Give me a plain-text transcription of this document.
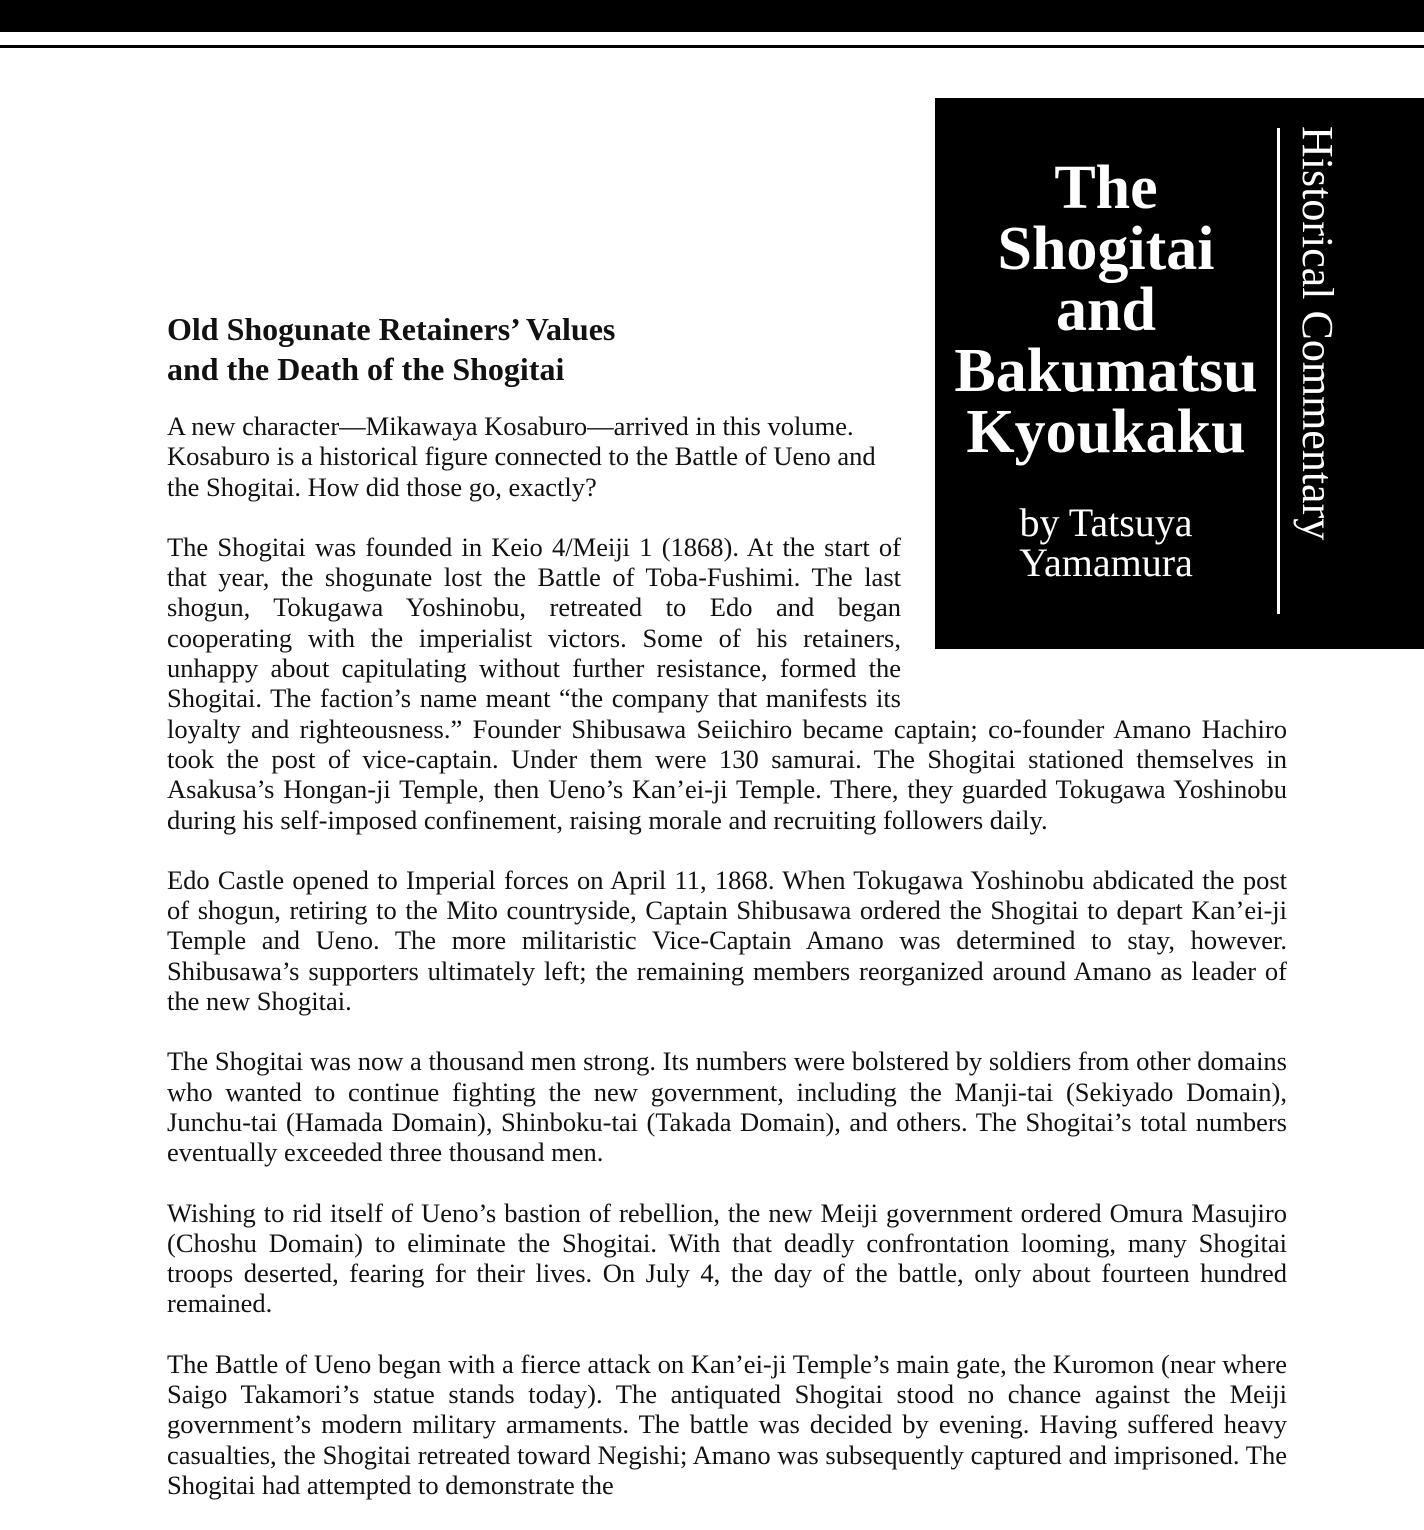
The
Shogitai
and
Bakumatsu
Kyoukaku
by Tatsuya
Yamamura
Historical Commentary
Old Shogunate Retainers’ Values
and the Death of the Shogitai

A new character—Mikawaya Kosaburo—arrived in this volume. Kosaburo is a historical figure connected to the Battle of Ueno and the Shogitai. How did those go, exactly?

The Shogitai was founded in Keio 4/Meiji 1 (1868). At the start of that year, the shogunate lost the Battle of Toba-Fushimi. The last shogun, Tokugawa Yoshinobu, retreated to Edo and began cooperating with the imperialist victors. Some of his retainers, unhappy about capitulating without further resistance, formed the Shogitai. The faction’s name meant “the company that manifests its loyalty and righteousness.” Founder Shibusawa Seiichiro became captain; co-founder Amano Hachiro took the post of vice-captain. Under them were 130 samurai. The Shogitai stationed themselves in Asakusa’s Hongan-ji Temple, then Ueno’s Kan’ei-ji Temple. There, they guarded Tokugawa Yoshinobu during his self-imposed confinement, raising morale and recruiting followers daily.

Edo Castle opened to Imperial forces on April 11, 1868. When Tokugawa Yoshinobu abdicated the post of shogun, retiring to the Mito countryside, Captain Shibusawa ordered the Shogitai to depart Kan’ei-ji Temple and Ueno. The more militaristic Vice-Captain Amano was determined to stay, however. Shibusawa’s supporters ultimately left; the remaining members reorganized around Amano as leader of the new Shogitai.

The Shogitai was now a thousand men strong. Its numbers were bolstered by soldiers from other domains who wanted to continue fighting the new government, including the Manji-tai (Sekiyado Domain), Junchu-tai (Hamada Domain), Shinboku-tai (Takada Domain), and others. The Shogitai’s total numbers eventually exceeded three thousand men.

Wishing to rid itself of Ueno’s bastion of rebellion, the new Meiji government ordered Omura Masujiro (Choshu Domain) to eliminate the Shogitai. With that deadly confrontation looming, many Shogitai troops deserted, fearing for their lives. On July 4, the day of the battle, only about fourteen hundred remained.

The Battle of Ueno began with a fierce attack on Kan’ei-ji Temple’s main gate, the Kuromon (near where Saigo Takamori’s statue stands today). The antiquated Shogitai stood no chance against the Meiji government’s modern military armaments. The battle was decided by evening. Having suffered heavy casualties, the Shogitai retreated toward Negishi; Amano was subsequently captured and imprisoned. The Shogitai had attempted to demonstrate the
